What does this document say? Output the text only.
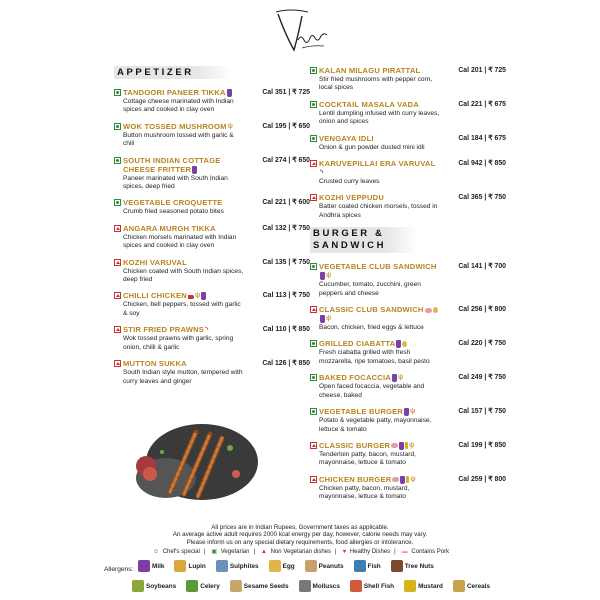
APPETIZER
TANDOORI PANEER TIKKA	Cal 351 | ₹ 725
Cottage cheese marinated with Indian spices and cooked in clay oven
WOK TOSSED MUSHROOMψ	Cal 195 | ₹ 650
Button mushroom tossed with garlic & chili
SOUTH INDIAN COTTAGE CHEESE FRITTER
Cal 274 | ₹ 650
Paneer marinated with South Indian spices, deep fried
VEGETABLE CROQUETTE	Cal 221 | ₹ 600
Crumb fried seasoned potato bites
ANGARA MURGH TIKKA	Cal 132 | ₹ 750
Chicken morsels marinated with Indian spices and cooked in clay oven
KOZHI VARUVAL	Cal 135 | ₹ 750
Chicken coated with South Indian spices, deep fried
CHILLI CHICKEN ψ	Cal 113 | ₹ 750
Chicken, bell peppers, tossed with garlic & soy
STIR FRIED PRAWNS◝	Cal 110 | ₹ 850
Wok tossed prawns with garlic, spring onion, chilli & garlic
MUTTON SUKKA	Cal 126 | ₹ 850
South Indian style mutton, tempered with curry leaves and ginger
KALAN MILAGU PIRATTAL	Cal 201 | ₹ 725
Stir fried mushrooms with pepper corn, local spices
COCKTAIL MASALA VADA	Cal 221 | ₹ 675
Lentil dumpling infused with curry leaves, onion and spices
VENGAYA IDLI	Cal 184 | ₹ 675
Onion & gun powder dusted mini idli
KARUVEPILLAI ERA VARUVAL◝
Cal 942 | ₹ 850
Crusted curry leaves
KOZHI VEPPUDU	Cal 365 | ₹ 750
Batter coated chicken morsels, tossed in Andhra spices
BURGER &
SANDWICH
VEGETABLE CLUB SANDWICHψ
Cal 141 | ₹ 700
Cucumber, tomato, zucchini, green peppers and cheese
CLASSIC CLUB SANDWICHψ
Cal 256 | ₹ 800
Bacon, chicken, fried eggs & lettuce
GRILLED CIABATTA	Cal 220 | ₹ 750
Fresh ciabatta grilled with fresh mozzarella, ripe tomatoes, basil pesto
BAKED FOCACCIA ψ	Cal 249 | ₹ 750
Open faced focaccia, vegetable and cheese, baked
VEGETABLE BURGER ψ	Cal 157 | ₹ 750
Potato & vegetable patty, mayonnaise, lettuce & tomato
CLASSIC BURGER	ψ	Cal 199 | ₹ 850
Tenderloin patty, bacon, mustard, mayonnaise, lettuce & tomato
CHICKEN BURGER	ψ	Cal 259 | ₹ 800
Chicken patty, bacon, mustard, mayonnaise, lettuce & tomato
All prices are in Indian Rupees, Government taxes as applicable.
An average active adult requires 2000 kcal energy per day, however, calorie needs may vary.
Please inform us on any special dietary requirements, food allergies or intolerance.
☺ Chef's special | ▣ Vegetarian | ▲ Non Vegetarian dishes | ♥ Healthy Dishes | ▬ Contains Pork
Allergens:	Milk	Lupin	Sulphites	Egg	Peanuts	Fish	Tree Nuts
Soybeans	Celery	Sesame Seeds	Molluscs	Shell Fish	Mustard	Cereals
